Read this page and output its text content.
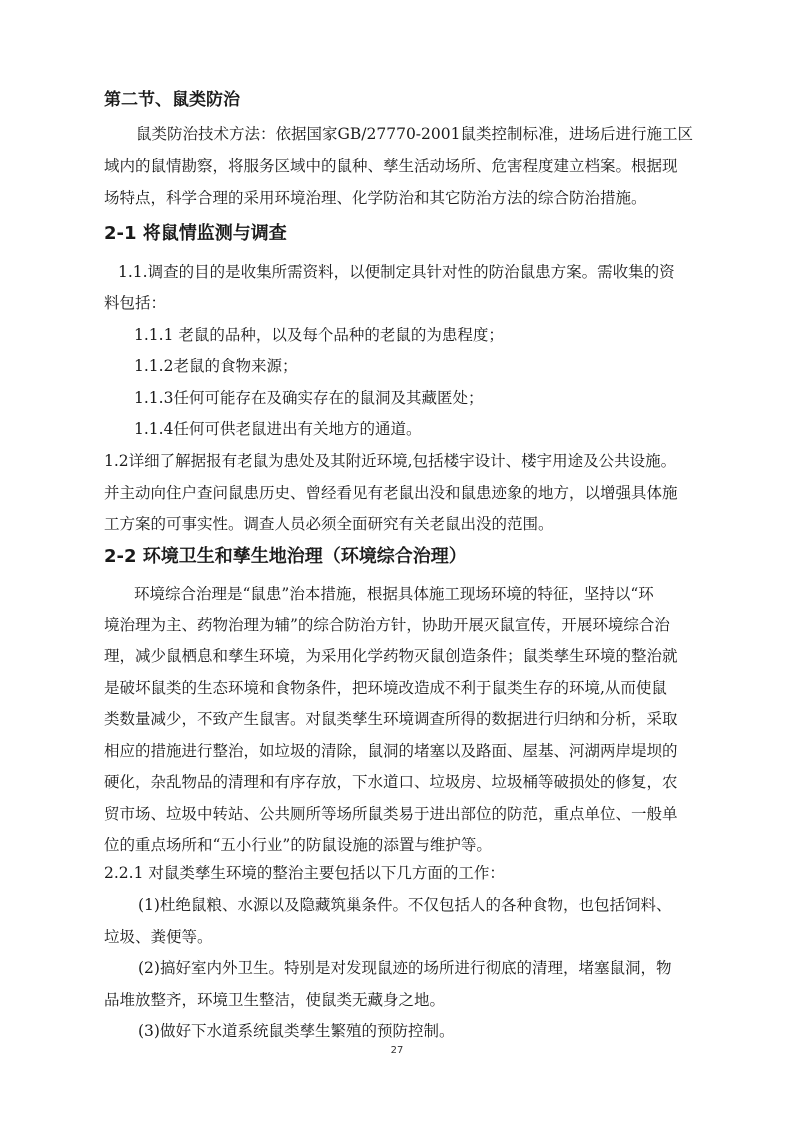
第二节、鼠类防治
鼠类防治技术方法：依据国家GB/27770-2001鼠类控制标准，进场后进行施工区
域内的鼠情勘察，将服务区域中的鼠种、孳生活动场所、危害程度建立档案。根据现
场特点，科学合理的采用环境治理、化学防治和其它防治方法的综合防治措施。
2-1 将鼠情监测与调查
1.1.调查的目的是收集所需资料，以便制定具针对性的防治鼠患方案。需收集的资
料包括：
1.1.1 老鼠的品种，以及每个品种的老鼠的为患程度；
1.1.2老鼠的食物来源；
1.1.3任何可能存在及确实存在的鼠洞及其藏匿处；
1.1.4任何可供老鼠进出有关地方的通道。
1.2详细了解据报有老鼠为患处及其附近环境,包括楼宇设计、楼宇用途及公共设施。
并主动向住户查问鼠患历史、曾经看见有老鼠出没和鼠患迹象的地方，以增强具体施
工方案的可事实性。调查人员必须全面研究有关老鼠出没的范围。
2-2 环境卫生和孳生地治理（环境综合治理）
环境综合治理是“鼠患”治本措施，根据具体施工现场环境的特征，坚持以“环
境治理为主、药物治理为辅”的综合防治方针，协助开展灭鼠宣传，开展环境综合治
理，减少鼠栖息和孳生环境，为采用化学药物灭鼠创造条件；鼠类孳生环境的整治就
是破坏鼠类的生态环境和食物条件，把环境改造成不利于鼠类生存的环境,从而使鼠
类数量减少，不致产生鼠害。对鼠类孳生环境调查所得的数据进行归纳和分析，采取
相应的措施进行整治，如垃圾的清除，鼠洞的堵塞以及路面、屋基、河湖两岸堤坝的
硬化，杂乱物品的清理和有序存放，下水道口、垃圾房、垃圾桶等破损处的修复，农
贸市场、垃圾中转站、公共厕所等场所鼠类易于进出部位的防范，重点单位、一般单
位的重点场所和“五小行业”的防鼠设施的添置与维护等。
2.2.1 对鼠类孳生环境的整治主要包括以下几方面的工作：
(1)杜绝鼠粮、水源以及隐藏筑巢条件。不仅包括人的各种食物，也包括饲料、
垃圾、粪便等。
(2)搞好室内外卫生。特别是对发现鼠迹的场所进行彻底的清理，堵塞鼠洞，物
品堆放整齐，环境卫生整洁，使鼠类无藏身之地。
(3)做好下水道系统鼠类孳生繁殖的预防控制。
27
